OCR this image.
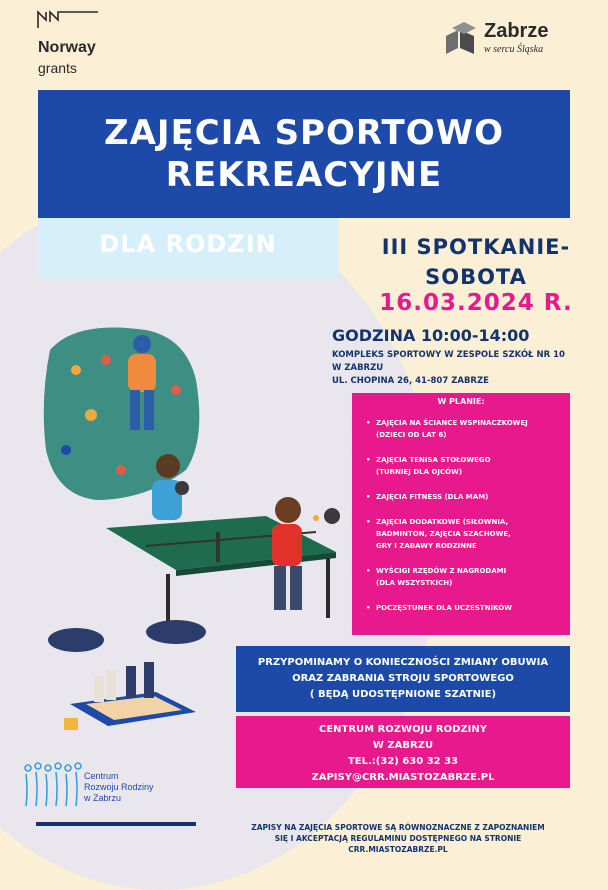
Norway
grants
Zabrze
w sercu Śląska
ZAJĘCIA SPORTOWO
REKREACYJNE
DLA RODZIN	III SPOTKANIE-
SOBOTA
16.03.2024 R.
GODZINA 10:00-14:00
KOMPLEKS SPORTOWY W ZESPOLE SZKÓŁ NR 10
W ZABRZU
UL. CHOPINA 26, 41-807 ZABRZE
W PLANIE:
• ZAJĘCIA NA ŚCIANCE WSPINACZKOWEJ
(DZIECI OD LAT 6)
• ZAJĘCIA TENISA STOŁOWEGO
(TURNIEJ DLA OJCÓW)
• ZAJĘCIA FITNESS (DLA MAM)
• ZAJĘCIA DODATKOWE (SIŁOWNIA,
BADMINTON, ZAJĘCIA SZACHOWE,
GRY I ZABAWY RODZINNE
• WYŚCIGI RZĘDÓW Z NAGRODAMI
(DLA WSZYSTKICH)
• POCZĘSTUNEK DLA UCZESTNIKÓW
PRZYPOMINAMY O KONIECZNOŚCI ZMIANY OBUWIA
ORAZ ZABRANIA STROJU SPORTOWEGO
( BĘDĄ UDOSTĘPNIONE SZATNIE)
CENTRUM ROZWOJU RODZINY
W ZABRZU
TEL.:(32) 630 32 33
ZAPISY@CRR.MIASTOZABRZE.PL
Centrum
Rozwoju Rodziny
w Zabrzu
ZAPISY NA ZAJĘCIA SPORTOWE SĄ RÓWNOZNACZNE Z ZAPOZNANIEM
SIĘ I AKCEPTACJĄ REGULAMINU DOSTĘPNEGO NA STRONIE
CRR.MIASTOZABRZE.PL
